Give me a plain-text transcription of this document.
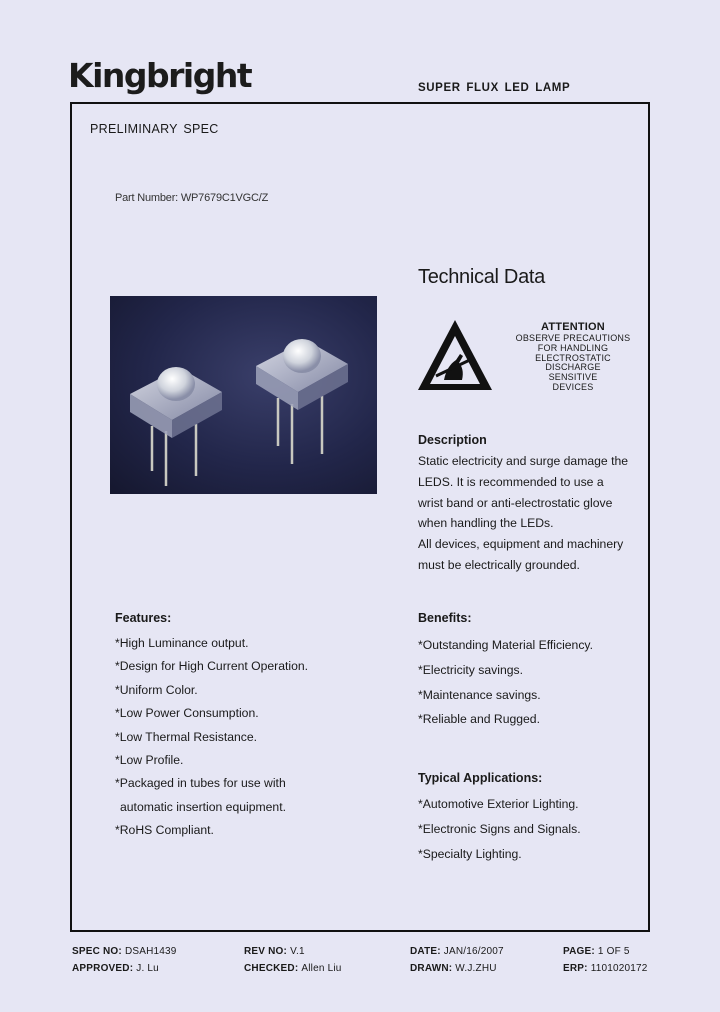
Kingbright	SUPER FLUX LED LAMP
PRELIMINARY SPEC
Part Number: WP7679C1VGC/Z
Technical Data
ATTENTION
OBSERVE PRECAUTIONS
FOR HANDLING
ELECTROSTATIC
DISCHARGE
SENSITIVE
DEVICES
Description
Static electricity and surge damage the
LEDS. It is recommended to use a
wrist band or anti-electrostatic glove
when handling the LEDs.
All devices, equipment and machinery
must be electrically grounded.
Features:
*High Luminance output.
*Design for High Current Operation.
*Uniform Color.
*Low Power Consumption.
*Low Thermal Resistance.
*Low Profile.
*Packaged in tubes for use with
automatic insertion equipment.
*RoHS Compliant.
Benefits:
*Outstanding Material Efficiency.
*Electricity savings.
*Maintenance savings.
*Reliable and Rugged.
Typical Applications:
*Automotive Exterior Lighting.
*Electronic Signs and Signals.
*Specialty Lighting.
SPEC NO: DSAH1439	REV NO: V.1	DATE: JAN/16/2007	PAGE: 1 OF 5
APPROVED: J. Lu	CHECKED: Allen Liu	DRAWN: W.J.ZHU	ERP: 1101020172
